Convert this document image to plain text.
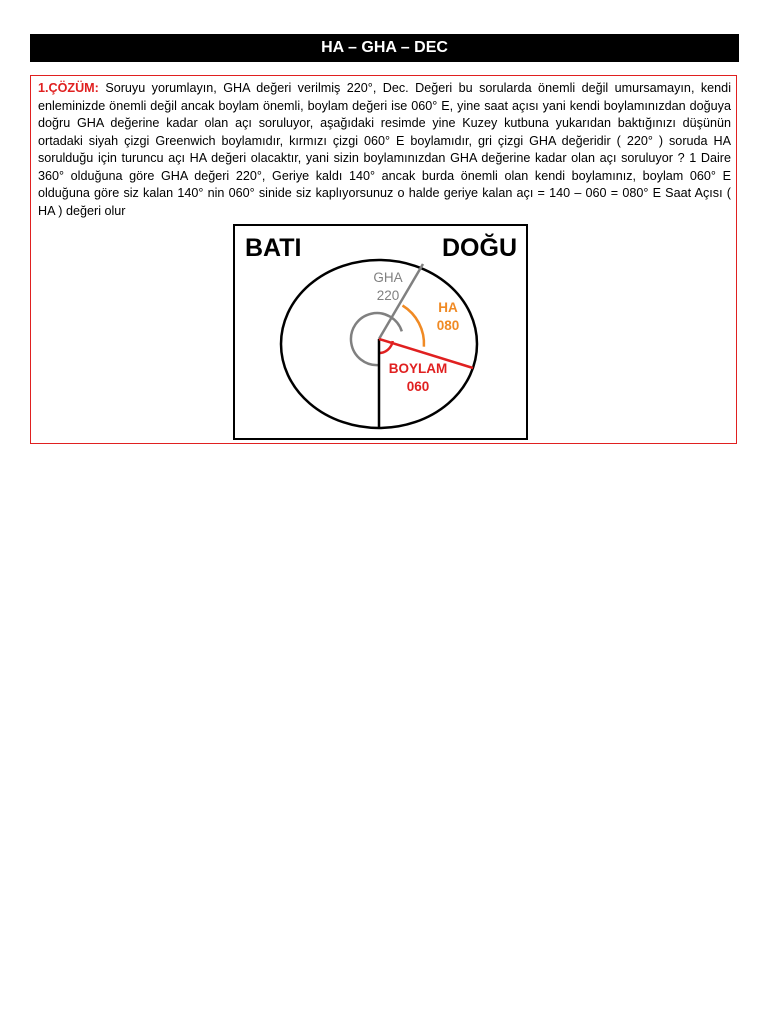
HA – GHA – DEC
1.ÇÖZÜM: Soruyu yorumlayın, GHA değeri verilmiş 220°, Dec. Değeri bu sorularda önemli değil umursamayın, kendi enleminizde önemli değil ancak boylam önemli, boylam değeri ise 060° E, yine saat açısı yani kendi boylamınızdan doğuya doğru GHA değerine kadar olan açı soruluyor, aşağıdaki resimde yine Kuzey kutbuna yukarıdan baktığınızı düşünün ortadaki siyah çizgi Greenwich boylamıdır, kırmızı çizgi 060° E boylamıdır, gri çizgi GHA değeridir ( 220° ) soruda HA sorulduğu için turuncu açı HA değeri olacaktır, yani sizin boylamınızdan GHA değerine kadar olan açı soruluyor ? 1 Daire 360° olduğuna göre GHA değeri 220°, Geriye kaldı 140° ancak burda önemli olan kendi boylamınız, boylam 060° E olduğuna göre siz kalan 140° nin 060° sinide siz kaplıyorsunuz o halde geriye kalan açı = 140 – 060 = 080° E Saat Açısı ( HA ) değeri olur
BATI	DOĞU
GHA
220
HA
080
BOYLAM
060
